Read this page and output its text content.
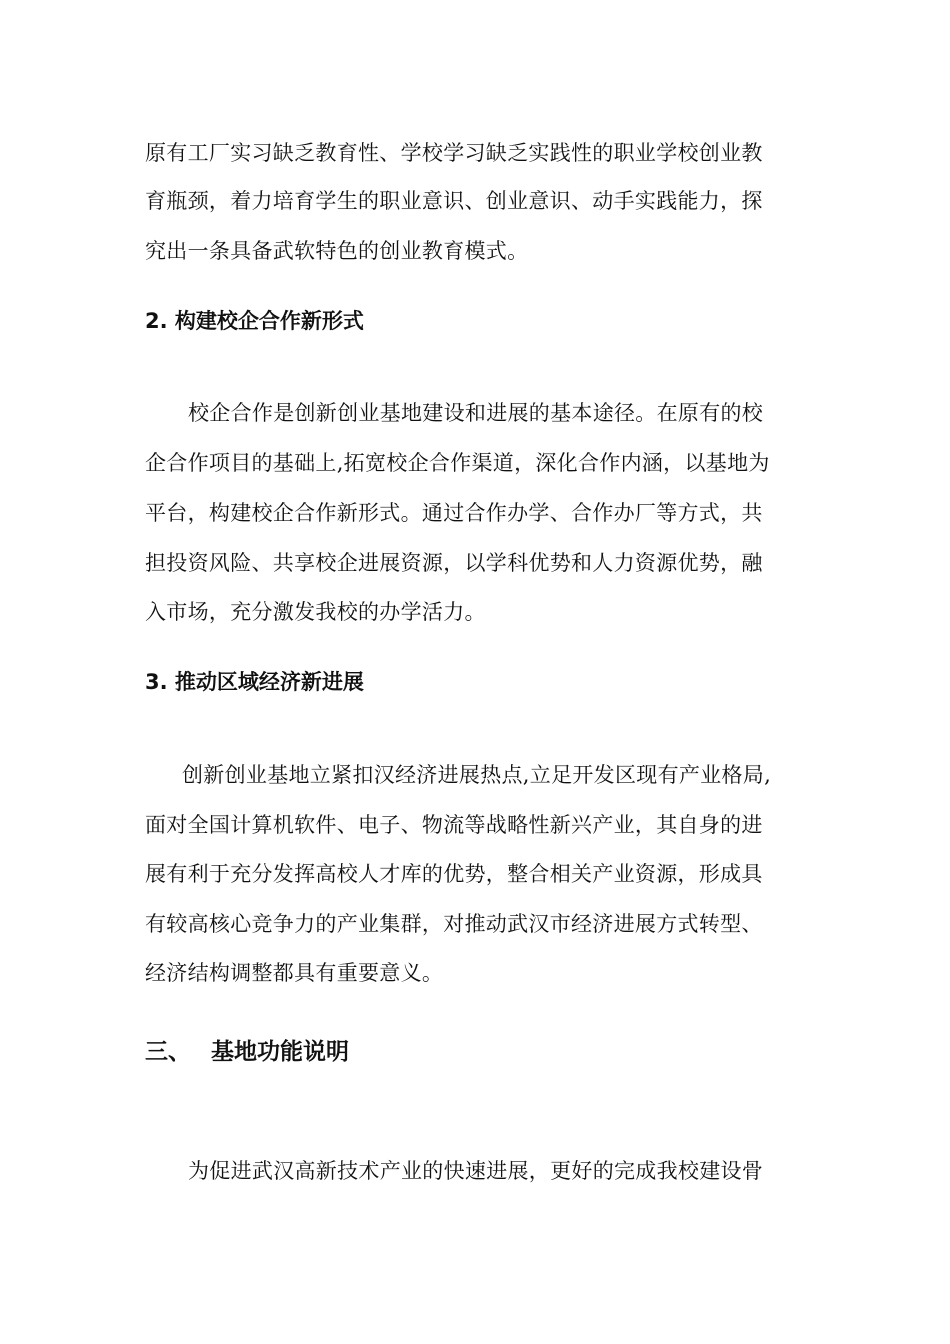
原有工厂实习缺乏教育性、学校学习缺乏实践性的职业学校创业教
育瓶颈，着力培育学生的职业意识、创业意识、动手实践能力，探
究出一条具备武软特色的创业教育模式。
2. 构建校企合作新形式
校企合作是创新创业基地建设和进展的基本途径。在原有的校
企合作项目的基础上,拓宽校企合作渠道，深化合作内涵，以基地为
平台，构建校企合作新形式。通过合作办学、合作办厂等方式，共
担投资风险、共享校企进展资源，以学科优势和人力资源优势，融
入市场，充分激发我校的办学活力。
3. 推动区域经济新进展
创新创业基地立紧扣汉经济进展热点,立足开发区现有产业格局,
面对全国计算机软件、电子、物流等战略性新兴产业，其自身的进
展有利于充分发挥高校人才库的优势，整合相关产业资源，形成具
有较高核心竞争力的产业集群，对推动武汉市经济进展方式转型、
经济结构调整都具有重要意义。
三、 基地功能说明
为促进武汉高新技术产业的快速进展，更好的完成我校建设骨
